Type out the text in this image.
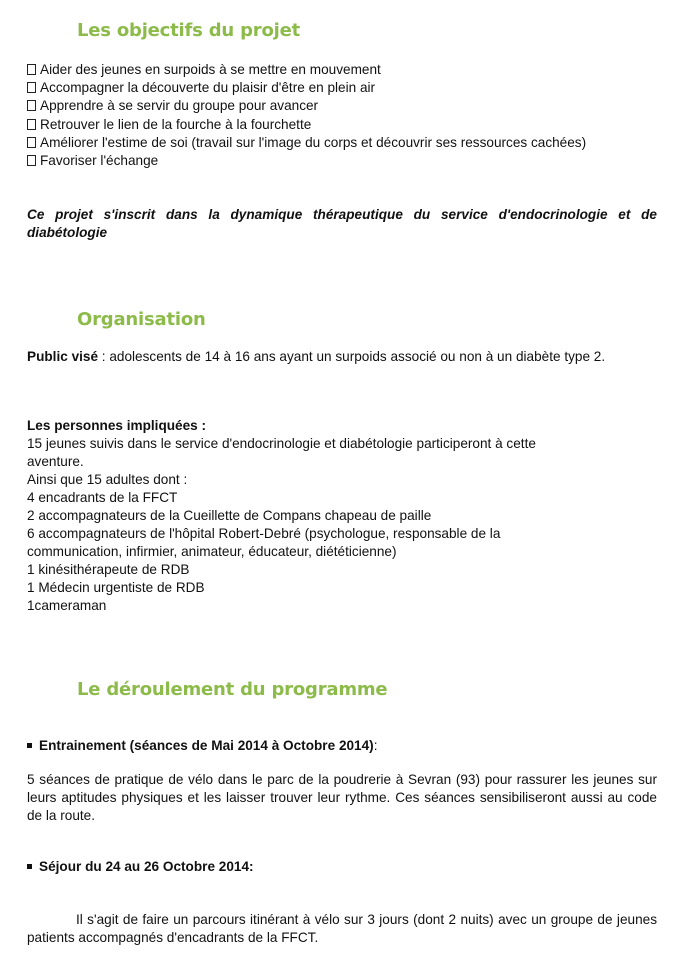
Les objectifs du projet
Aider des jeunes en surpoids à se mettre en mouvement
Accompagner la découverte du plaisir d'être en plein air
Apprendre à se servir du groupe pour avancer
Retrouver le lien de la fourche à la fourchette
Améliorer l'estime de soi (travail sur l'image du corps et découvrir ses ressources cachées)
Favoriser l'échange

Ce projet s'inscrit dans la dynamique thérapeutique du service d'endocrinologie et de diabétologie

Organisation

Public visé : adolescents de 14 à 16 ans ayant un surpoids associé ou non à un diabète type 2.

Les personnes impliquées :
15 jeunes suivis dans le service d'endocrinologie et diabétologie participeront à cette
aventure.
Ainsi que 15 adultes dont :
4 encadrants de la FFCT
2 accompagnateurs de la Cueillette de Compans chapeau de paille
6 accompagnateurs de l'hôpital Robert-Debré (psychologue, responsable de la
communication, infirmier, animateur, éducateur, diététicienne)
1 kinésithérapeute de RDB
1 Médecin urgentiste de RDB
1cameraman
Le déroulement du programme

Entrainement (séances de Mai 2014 à Octobre 2014):

5 séances de pratique de vélo dans le parc de la poudrerie à Sevran (93) pour rassurer les jeunes sur leurs aptitudes physiques et les laisser trouver leur rythme. Ces séances sensibiliseront aussi au code de la route.

Séjour du 24 au 26 Octobre 2014:

Il s'agit de faire un parcours itinérant à vélo sur 3 jours (dont 2 nuits) avec un groupe de jeunes patients accompagnés d'encadrants de la FFCT.
